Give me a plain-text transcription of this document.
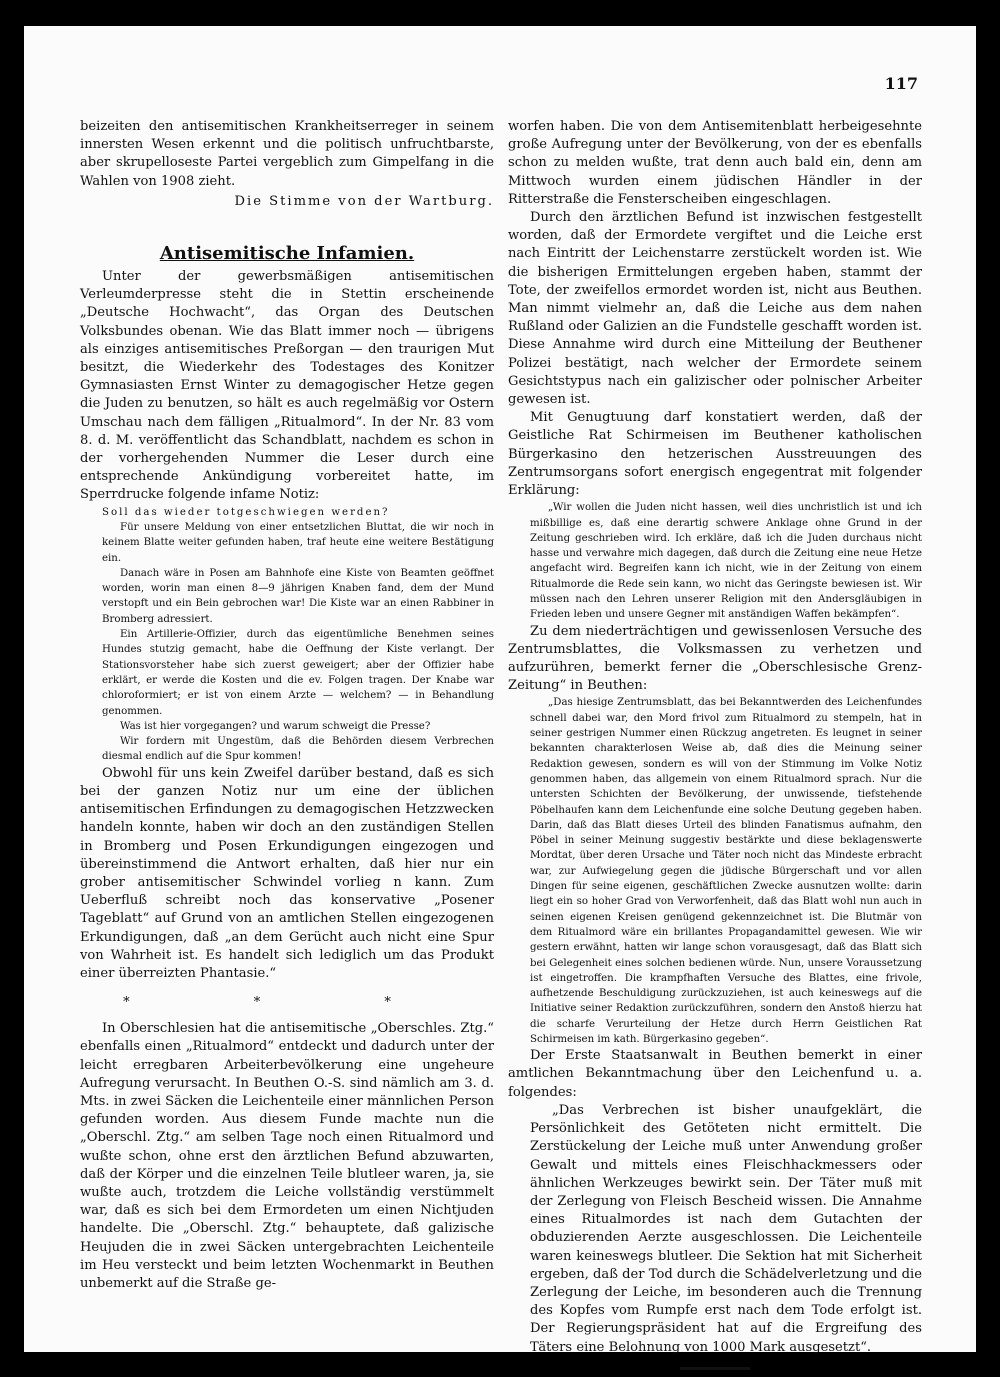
117

beizeiten den antisemitischen Krankheitserreger in seinem innersten Wesen erkennt und die politisch unfruchtbarste, aber skrupelloseste Partei vergeblich zum Gimpelfang in die Wahlen von 1908 zieht.

Die Stimme von der Wartburg.

Antisemitische Infamien.

Unter der gewerbsmäßigen antisemitischen Verleumderpresse steht die in Stettin erscheinende „Deutsche Hochwacht“, das Organ des Deutschen Volksbundes obenan. Wie das Blatt immer noch — übrigens als einziges antisemitisches Preßorgan — den traurigen Mut besitzt, die Wiederkehr des Todestages des Konitzer Gymnasiasten Ernst Winter zu demagogischer Hetze gegen die Juden zu benutzen, so hält es auch regelmäßig vor Ostern Umschau nach dem fälligen „Ritualmord“. In der Nr. 83 vom 8. d. M. veröffentlicht das Schandblatt, nachdem es schon in der vorhergehenden Nummer die Leser durch eine entsprechende Ankündigung vorbereitet hatte, im Sperrdrucke folgende infame Notiz:

Soll das wieder totgeschwiegen werden?

Für unsere Meldung von einer entsetzlichen Bluttat, die wir noch in keinem Blatte weiter gefunden haben, traf heute eine weitere Bestätigung ein.

Danach wäre in Posen am Bahnhofe eine Kiste von Beamten geöffnet worden, worin man einen 8—9 jährigen Knaben fand, dem der Mund verstopft und ein Bein gebrochen war! Die Kiste war an einen Rabbiner in Bromberg adressiert.

Ein Artillerie-Offizier, durch das eigentümliche Benehmen seines Hundes stutzig gemacht, habe die Oeffnung der Kiste verlangt. Der Stationsvorsteher habe sich zuerst geweigert; aber der Offizier habe erklärt, er werde die Kosten und die ev. Folgen tragen. Der Knabe war chloroformiert; er ist von einem Arzte — welchem? — in Behandlung genommen.

Was ist hier vorgegangen? und warum schweigt die Presse?

Wir fordern mit Ungestüm, daß die Behörden diesem Verbrechen diesmal endlich auf die Spur kommen!

Obwohl für uns kein Zweifel darüber bestand, daß es sich bei der ganzen Notiz nur um eine der üblichen antisemitischen Erfindungen zu demagogischen Hetzzwecken handeln konnte, haben wir doch an den zuständigen Stellen in Bromberg und Posen Erkundigungen eingezogen und übereinstimmend die Antwort erhalten, daß hier nur ein grober antisemitischer Schwindel vorlieg n kann. Zum Ueberfluß schreibt noch das konservative „Posener Tageblatt“ auf Grund von an amtlichen Stellen eingezogenen Erkundigungen, daß „an dem Gerücht auch nicht eine Spur von Wahrheit ist. Es handelt sich lediglich um das Produkt einer überreizten Phantasie.“

* * *

In Oberschlesien hat die antisemitische „Oberschles. Ztg.“ ebenfalls einen „Ritualmord“ entdeckt und dadurch unter der leicht erregbaren Arbeiterbevölkerung eine ungeheure Aufregung verursacht. In Beuthen O.-S. sind nämlich am 3. d. Mts. in zwei Säcken die Leichenteile einer männlichen Person gefunden worden. Aus diesem Funde machte nun die „Oberschl. Ztg.“ am selben Tage noch einen Ritualmord und wußte schon, ohne erst den ärztlichen Befund abzuwarten, daß der Körper und die einzelnen Teile blutleer waren, ja, sie wußte auch, trotzdem die Leiche vollständig verstümmelt war, daß es sich bei dem Ermordeten um einen Nichtjuden handelte. Die „Oberschl. Ztg.“ behauptete, daß galizische Heujuden die in zwei Säcken untergebrachten Leichenteile im Heu versteckt und beim letzten Wochenmarkt in Beuthen unbemerkt auf die Straße ge-

worfen haben. Die von dem Antisemitenblatt herbeigesehnte große Aufregung unter der Bevölkerung, von der es ebenfalls schon zu melden wußte, trat denn auch bald ein, denn am Mittwoch wurden einem jüdischen Händler in der Ritterstraße die Fensterscheiben eingeschlagen.

Durch den ärztlichen Befund ist inzwischen festgestellt worden, daß der Ermordete vergiftet und die Leiche erst nach Eintritt der Leichenstarre zerstückelt worden ist. Wie die bisherigen Ermittelungen ergeben haben, stammt der Tote, der zweifellos ermordet worden ist, nicht aus Beuthen. Man nimmt vielmehr an, daß die Leiche aus dem nahen Rußland oder Galizien an die Fundstelle geschafft worden ist. Diese Annahme wird durch eine Mitteilung der Beuthener Polizei bestätigt, nach welcher der Ermordete seinem Gesichtstypus nach ein galizischer oder polnischer Arbeiter gewesen ist.

Mit Genugtuung darf konstatiert werden, daß der Geistliche Rat Schirmeisen im Beuthener katholischen Bürgerkasino den hetzerischen Ausstreuungen des Zentrumsorgans sofort energisch engegentrat mit folgender Erklärung:

„Wir wollen die Juden nicht hassen, weil dies unchristlich ist und ich mißbillige es, daß eine derartig schwere Anklage ohne Grund in der Zeitung geschrieben wird. Ich erkläre, daß ich die Juden durchaus nicht hasse und verwahre mich dagegen, daß durch die Zeitung eine neue Hetze angefacht wird. Begreifen kann ich nicht, wie in der Zeitung von einem Ritualmorde die Rede sein kann, wo nicht das Geringste bewiesen ist. Wir müssen nach den Lehren unserer Religion mit den Andersgläubigen in Frieden leben und unsere Gegner mit anständigen Waffen bekämpfen“.

Zu dem niederträchtigen und gewissenlosen Versuche des Zentrumsblattes, die Volksmassen zu verhetzen und aufzurühren, bemerkt ferner die „Oberschlesische Grenz-Zeitung“ in Beuthen:

„Das hiesige Zentrumsblatt, das bei Bekanntwerden des Leichenfundes schnell dabei war, den Mord frivol zum Ritualmord zu stempeln, hat in seiner gestrigen Nummer einen Rückzug angetreten. Es leugnet in seiner bekannten charakterlosen Weise ab, daß dies die Meinung seiner Redaktion gewesen, sondern es will von der Stimmung im Volke Notiz genommen haben, das allgemein von einem Ritualmord sprach. Nur die untersten Schichten der Bevölkerung, der unwissende, tiefstehende Pöbelhaufen kann dem Leichenfunde eine solche Deutung gegeben haben. Darin, daß das Blatt dieses Urteil des blinden Fanatismus aufnahm, den Pöbel in seiner Meinung suggestiv bestärkte und diese beklagenswerte Mordtat, über deren Ursache und Täter noch nicht das Mindeste erbracht war, zur Aufwiegelung gegen die jüdische Bürgerschaft und vor allen Dingen für seine eigenen, geschäftlichen Zwecke ausnutzen wollte: darin liegt ein so hoher Grad von Verworfenheit, daß das Blatt wohl nun auch in seinen eigenen Kreisen genügend gekennzeichnet ist. Die Blutmär von dem Ritualmord wäre ein brillantes Propagandamittel gewesen. Wie wir gestern erwähnt, hatten wir lange schon vorausgesagt, daß das Blatt sich bei Gelegenheit eines solchen bedienen würde. Nun, unsere Voraussetzung ist eingetroffen. Die krampfhaften Versuche des Blattes, eine frivole, aufhetzende Beschuldigung zurückzuziehen, ist auch keineswegs auf die Initiative seiner Redaktion zurückzuführen, sondern den Anstoß hierzu hat die scharfe Verurteilung der Hetze durch Herrn Geistlichen Rat Schirmeisen im kath. Bürgerkasino gegeben“.

Der Erste Staatsanwalt in Beuthen bemerkt in einer amtlichen Bekanntmachung über den Leichenfund u. a. folgendes:

„Das Verbrechen ist bisher unaufgeklärt, die Persönlichkeit des Getöteten nicht ermittelt. Die Zerstückelung der Leiche muß unter Anwendung großer Gewalt und mittels eines Fleischhackmessers oder ähnlichen Werkzeuges bewirkt sein. Der Täter muß mit der Zerlegung von Fleisch Bescheid wissen. Die Annahme eines Ritualmordes ist nach dem Gutachten der obduzierenden Aerzte ausgeschlossen. Die Leichenteile waren keineswegs blutleer. Die Sektion hat mit Sicherheit ergeben, daß der Tod durch die Schädelverletzung und die Zerlegung der Leiche, im besonderen auch die Trennung des Kopfes vom Rumpfe erst nach dem Tode erfolgt ist. Der Regierungspräsident hat auf die Ergreifung des Täters eine Belohnung von 1000 Mark ausgesetzt“.
